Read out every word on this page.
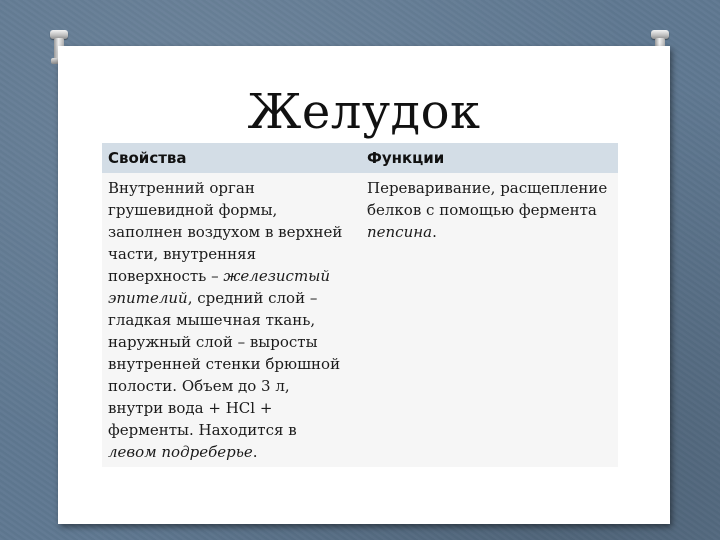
Желудок
Свойства	Функции
Внутренний орган
грушевидной формы,
заполнен воздухом в верхней
части, внутренняя
поверхность – железистый
эпителий, средний слой –
гладкая мышечная ткань,
наружный слой – выросты
внутренней стенки брюшной
полости. Объем до 3 л,
внутри вода + HCl +
ферменты. Находится в
левом подреберье.
Переваривание, расщепление
белков с помощью фермента
пепсина.
